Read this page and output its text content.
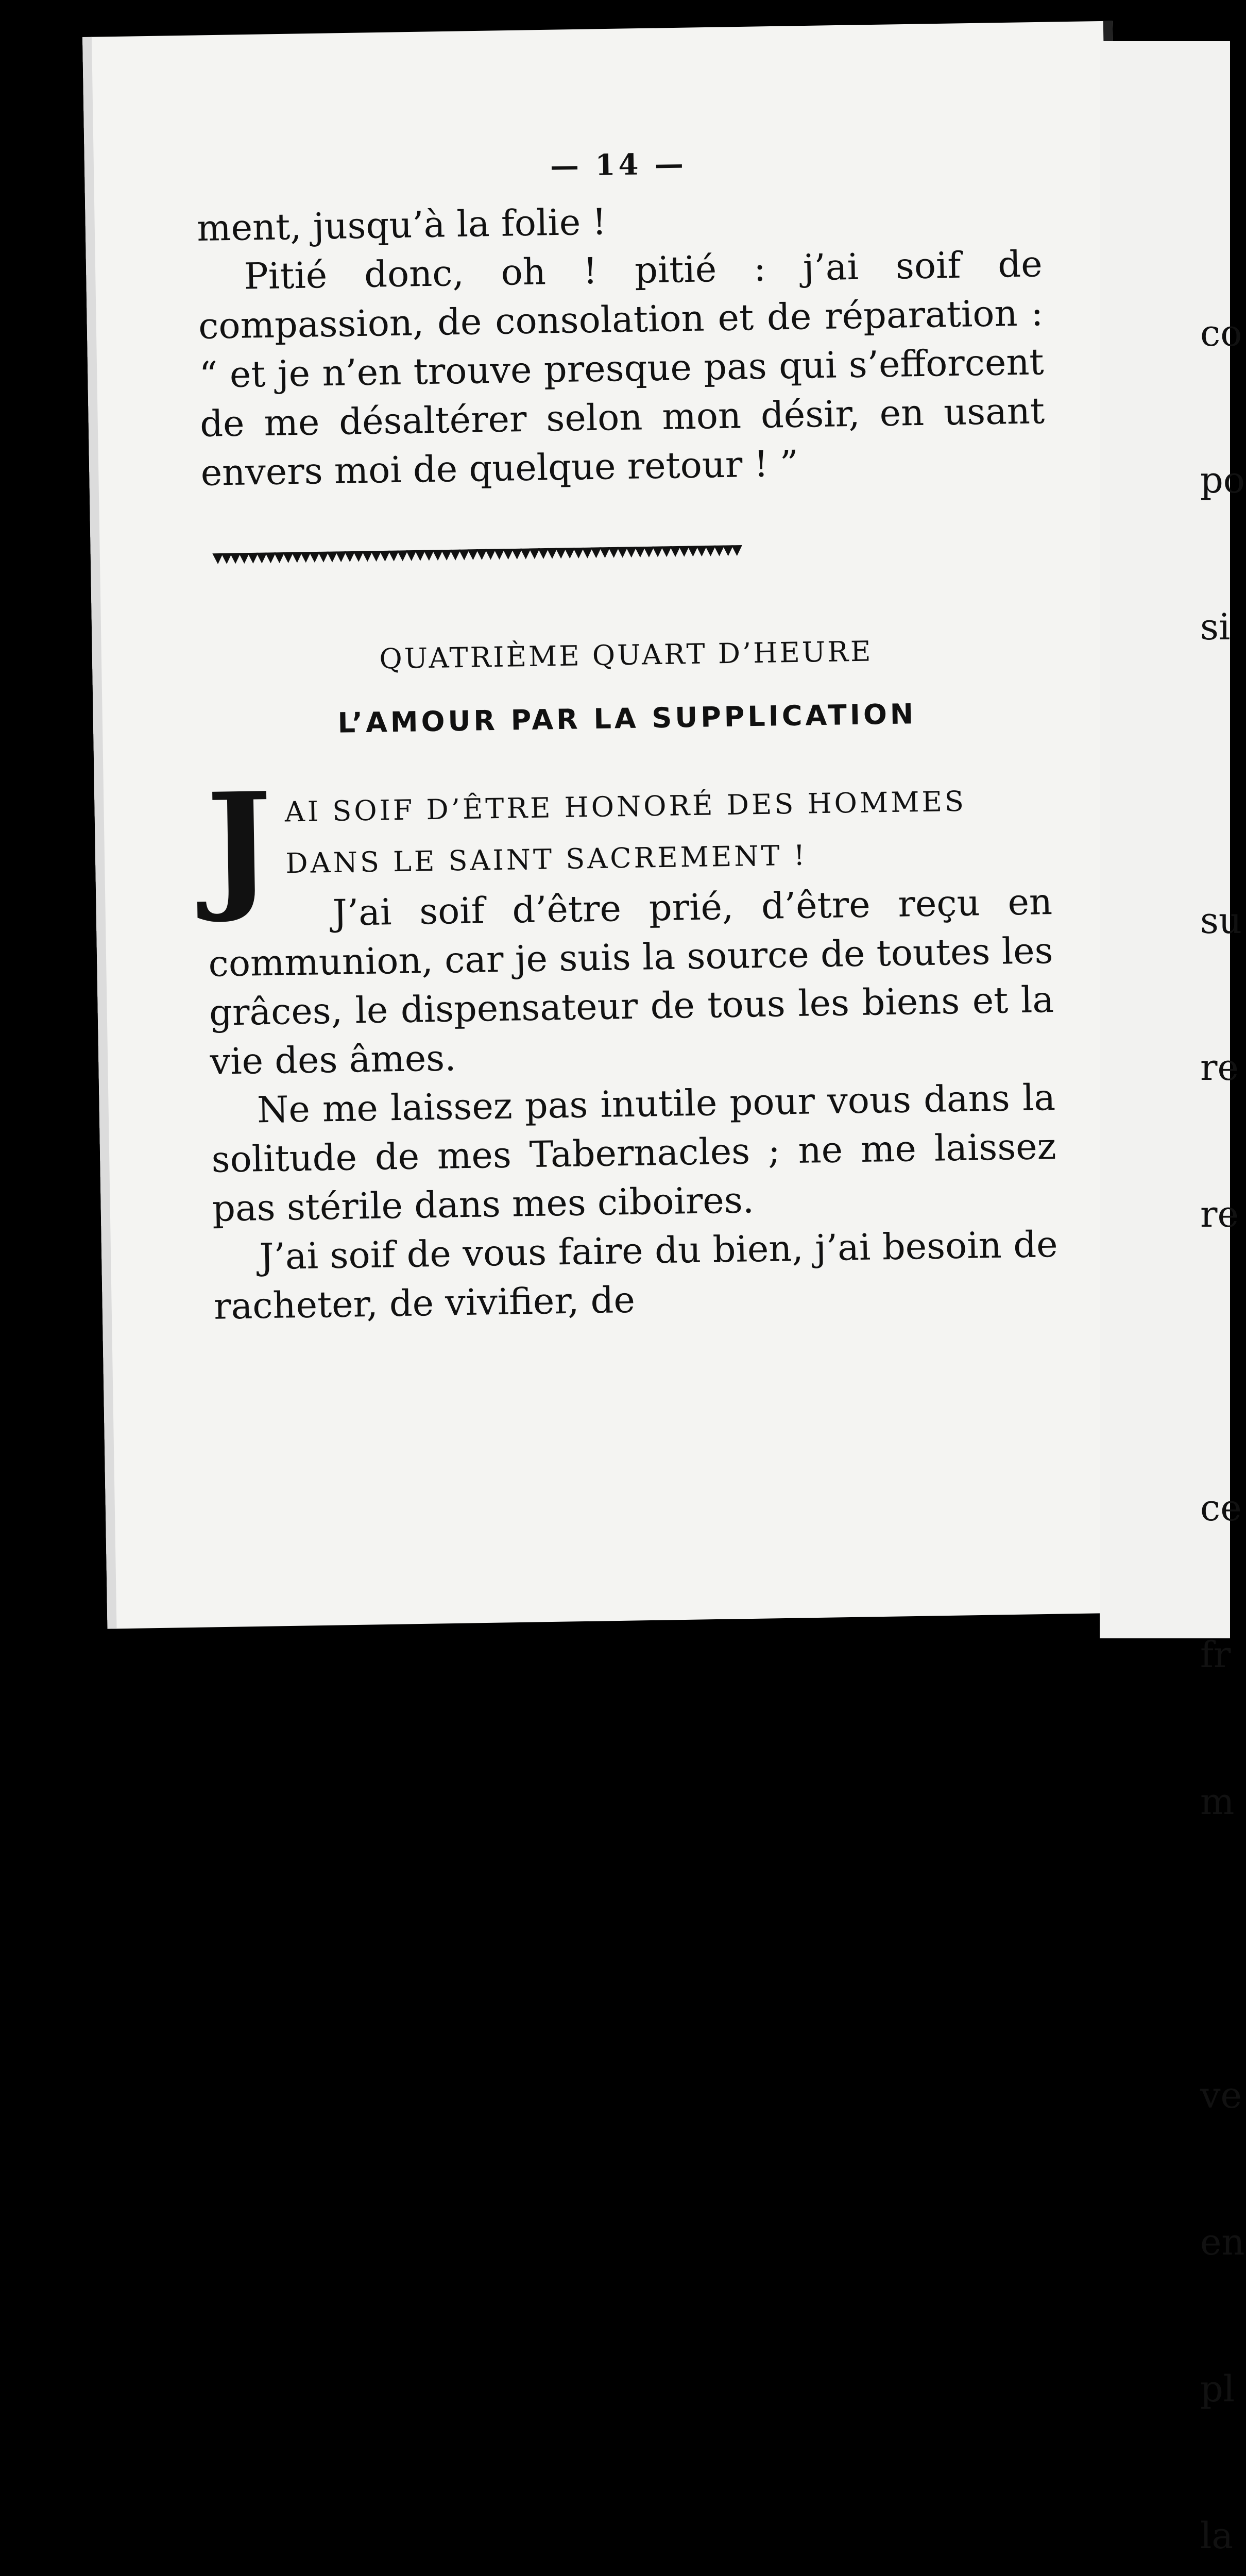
— 14 —

ment, jusqu’à la folie !

Pitié donc, oh ! pitié : j’ai soif de compassion, de consolation et de réparation : “ et je n’en trouve presque pas qui s’efforcent de me désaltérer selon mon désir, en usant envers moi de quelque retour ! ”

▾▾▾▾▾▾▾▾▾▾▾▾▾▾▾▾▾▾▾▾▾▾▾▾▾▾▾▾▾▾▾▾▾▾▾▾▾▾▾▾▾▾▾▾▾▾▾▾▾▾▾▾▾▾▾▾▾▾▾▾

QUATRIÈME QUART D’HEURE

L’AMOUR PAR LA SUPPLICATION

J AI SOIF D’ÊTRE HONORÉ DES HOMMES DANS LE SAINT SACREMENT !

J’ai soif d’être prié, d’être reçu en communion, car je suis la source de toutes les grâces, le dispensateur de tous les biens et la vie des âmes.

Ne me laissez pas inutile pour vous dans la solitude de mes Tabernacles ; ne me laissez pas stérile dans mes ciboires.

J’ai soif de vous faire du bien, j’ai besoin de racheter, de vivifier, de

co

po

si

su

re

re

ce

fr

m

ve

en

pl

la
